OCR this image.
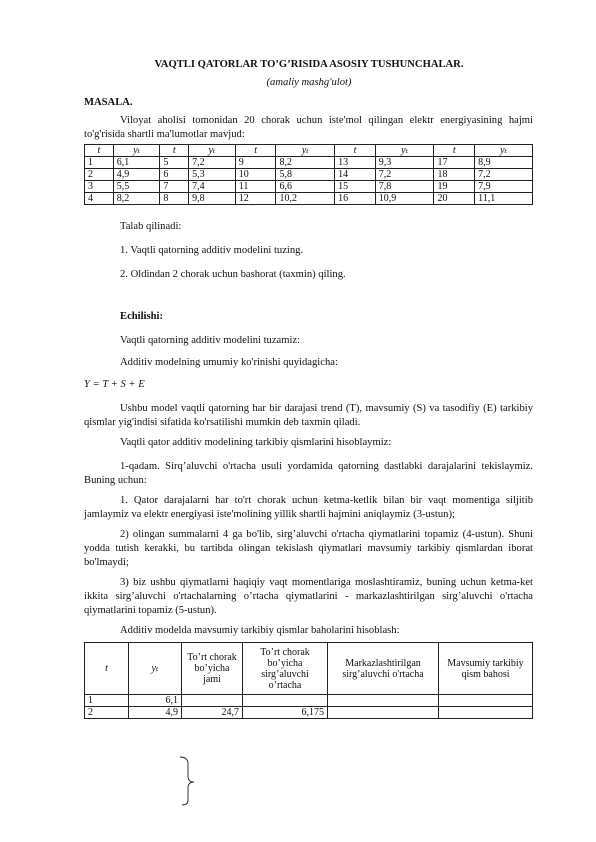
VAQTLI QATORLAR TO’G’RISIDA ASOSIY TUSHUNCHALAR.

(amaliy mashg'ulot)

MASALA.

Viloyat aholisi tomonidan 20 chorak uchun iste'mol qilingan elektr energiyasining hajmi to'g'risida shartli ma'lumotlar mavjud:

t	yₜ	t	yₜ	t	yₜ	t	yₜ	t	yₜ
1	6,1	5	7,2	9	8,2	13	9,3	17	8,9
2	4,9	6	5,3	10	5,8	14	7,2	18	7,2
3	5,5	7	7,4	11	6,6	15	7,8	19	7,9
4	8,2	8	9,8	12	10,2	16	10,9	20	11,1

Talab qilinadi:

1. Vaqtli qatorning additiv modelini tuzing.

2. Oldindan 2 chorak uchun bashorat (taxmin) qiling.

Echilishi:

Vaqtli qatorning additiv modelini tuzamiz:

Additiv modelning umumiy ko'rinishi quyidagicha:

Y = T + S + E

Ushbu model vaqtli qatorning har bir darajasi trend (T), mavsumiy (S) va tasodifiy (E) tarkibiy qismlar yig'indisi sifatida ko'rsatilishi mumkin deb taxmin qiladi.

Vaqtli qator additiv modelining tarkibiy qismlarini hisoblaymiz:

1-qadam. Sirq’aluvchi o'rtacha usuli yordamida qatorning dastlabki darajalarini tekislaymiz. Buning uchun:

1. Qator darajalarni har to'rt chorak uchun ketma-ketlik bilan bir vaqt momentiga siljitib jamlaymiz va elektr energiyasi iste'molining yillik shartli hajmini aniqlaymiz (3-ustun);

2) olingan summalarni 4 ga bo'lib, sirg’aluvchi o'rtacha qiymatlarini topamiz (4-ustun). Shuni yodda tutish kerakki, bu tartibda olingan tekislash qiymatlari mavsumiy tarkibiy qismlardan iborat bo'lmaydi;

3) biz ushbu qiymatlarni haqiqiy vaqt momentlariga moslashtiramiz, buning uchun ketma-ket ikkita sirg’aluvchi o'rtachalarning o’rtacha qiymatlarini - markazlashtirilgan sirg’aluvchi o'rtacha qiymatlarini topamiz (5-ustun).

Additiv modelda mavsumiy tarkibiy qismlar baholarini hisoblash:

t	yₜ	To’rt chorak bo’yicha jami	To’rt chorak bo’yicha sirg’aluvchi o’rtacha	Markazlashtirilgan sirg’aluvchi o'rtacha	Mavsumiy tarkibiy qism bahosi
1	6,1				
2	4,9	24,7	6,175		
